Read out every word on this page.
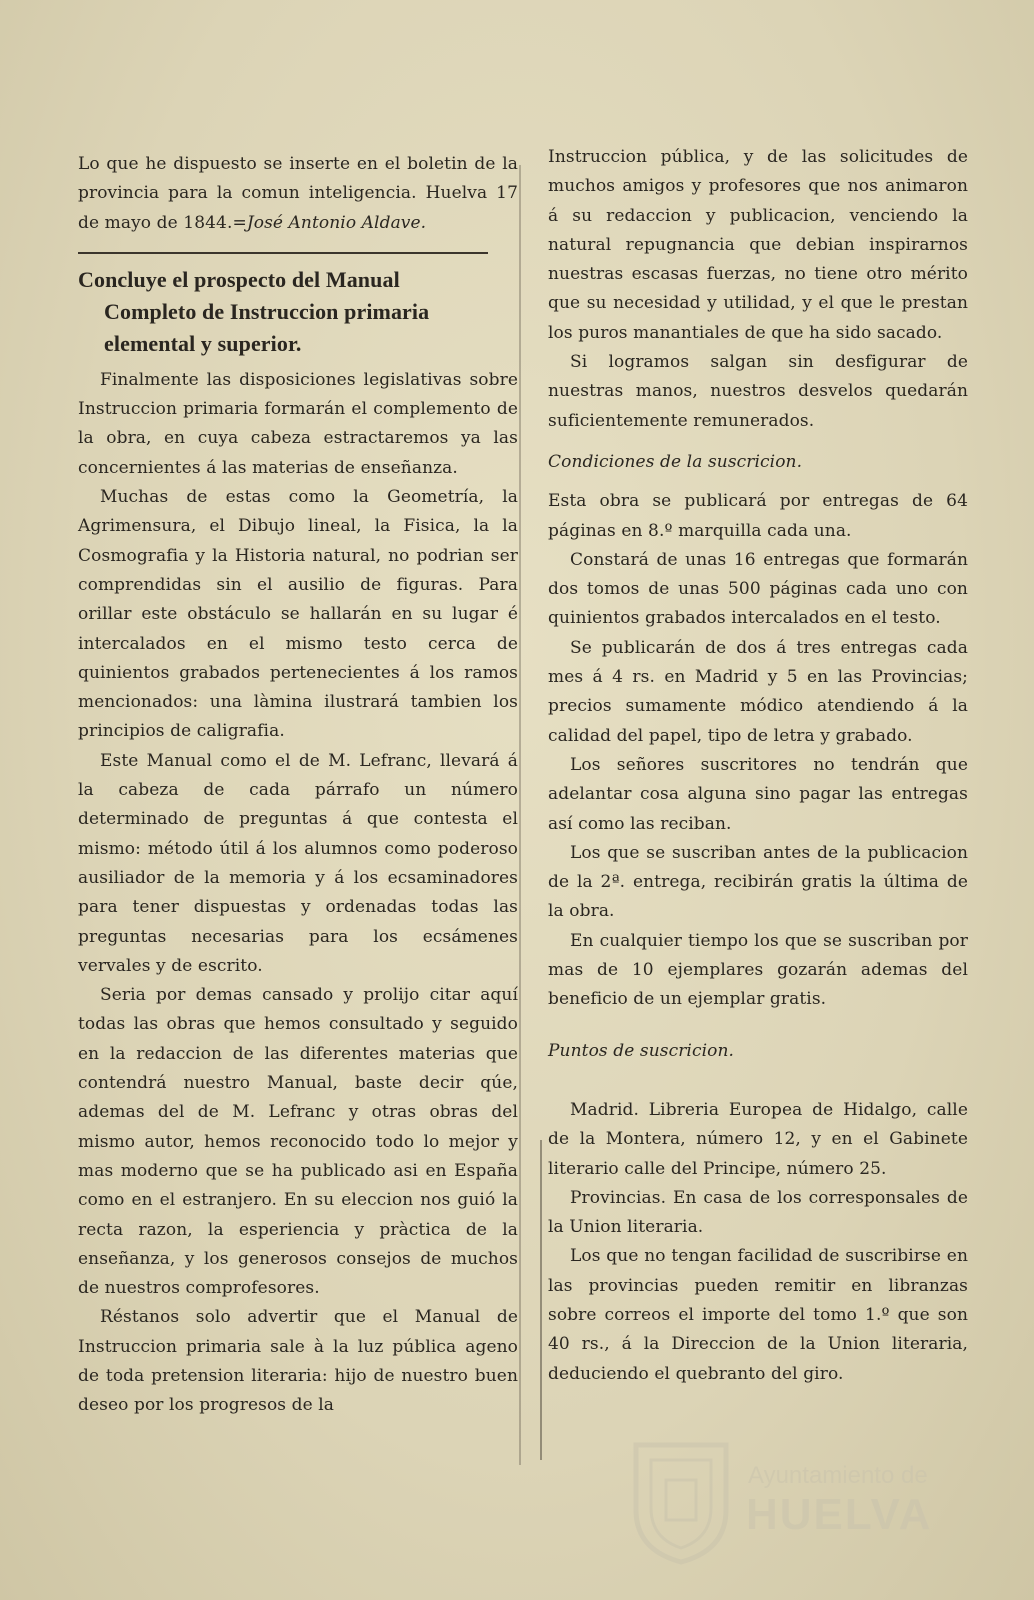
Lo que he dispuesto se inserte en el boletin de la provincia para la comun inteligencia. Huelva 17 de mayo de 1844.=José Antonio Aldave.

Concluye el prospecto del Manual
Completo de Instruccion primaria
elemental y superior.

Finalmente las disposiciones legislativas sobre Instruccion primaria formarán el complemento de la obra, en cuya cabeza estractaremos ya las concernientes á las materias de enseñanza.

Muchas de estas como la Geometría, la Agrimensura, el Dibujo lineal, la Fisica, la la Cosmografia y la Historia natural, no podrian ser comprendidas sin el ausilio de figuras. Para orillar este obstáculo se hallarán en su lugar é intercalados en el mismo testo cerca de quinientos grabados pertenecientes á los ramos mencionados: una làmina ilustrará tambien los principios de caligrafia.

Este Manual como el de M. Lefranc, llevará á la cabeza de cada párrafo un número determinado de preguntas á que contesta el mismo: método útil á los alumnos como poderoso ausiliador de la memoria y á los ecsaminadores para tener dispuestas y ordenadas todas las preguntas necesarias para los ecsámenes vervales y de escrito.

Seria por demas cansado y prolijo citar aquí todas las obras que hemos consultado y seguido en la redaccion de las diferentes materias que contendrá nuestro Manual, baste decir qúe, ademas del de M. Lefranc y otras obras del mismo autor, hemos reconocido todo lo mejor y mas moderno que se ha publicado asi en España como en el estranjero. En su eleccion nos guió la recta razon, la esperiencia y pràctica de la enseñanza, y los generosos consejos de muchos de nuestros comprofesores.

Réstanos solo advertir que el Manual de Instruccion primaria sale à la luz pública ageno de toda pretension literaria: hijo de nuestro buen deseo por los progresos de la

Instruccion pública, y de las solicitudes de muchos amigos y profesores que nos animaron á su redaccion y publicacion, venciendo la natural repugnancia que debian inspirarnos nuestras escasas fuerzas, no tiene otro mérito que su necesidad y utilidad, y el que le prestan los puros manantiales de que ha sido sacado.

Si logramos salgan sin desfigurar de nuestras manos, nuestros desvelos quedarán suficientemente remunerados.

Condiciones de la suscricion.

Esta obra se publicará por entregas de 64 páginas en 8.º marquilla cada una.

Constará de unas 16 entregas que formarán dos tomos de unas 500 páginas cada uno con quinientos grabados intercalados en el testo.

Se publicarán de dos á tres entregas cada mes á 4 rs. en Madrid y 5 en las Provincias; precios sumamente módico atendiendo á la calidad del papel, tipo de letra y grabado.

Los señores suscritores no tendrán que adelantar cosa alguna sino pagar las entregas así como las reciban.

Los que se suscriban antes de la publicacion de la 2ª. entrega, recibirán gratis la última de la obra.

En cualquier tiempo los que se suscriban por mas de 10 ejemplares gozarán ademas del beneficio de un ejemplar gratis.

Puntos de suscricion.

Madrid. Libreria Europea de Hidalgo, calle de la Montera, número 12, y en el Gabinete literario calle del Principe, número 25.

Provincias. En casa de los corresponsales de la Union literaria.

Los que no tengan facilidad de suscribirse en las provincias pueden remitir en libranzas sobre correos el importe del tomo 1.º que son 40 rs., á la Direccion de la Union literaria, deduciendo el quebranto del giro.

Ayuntamiento de
HUELVA
